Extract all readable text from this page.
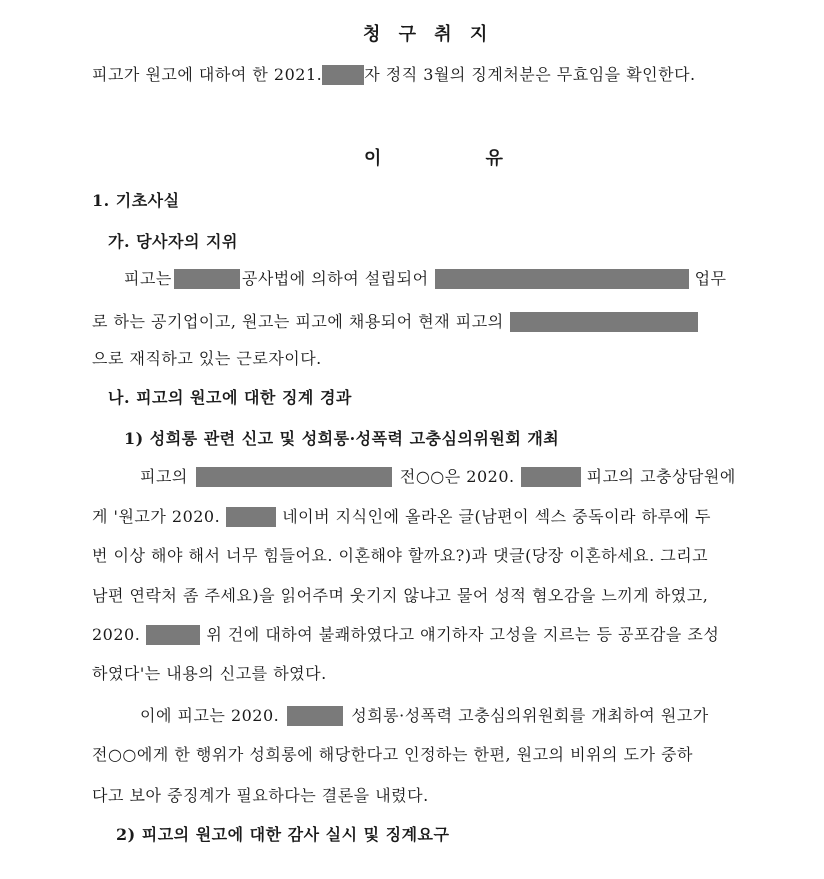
청 구 취 지
피고가 원고에 대하여 한 2021.	자 정직 3월의 징계처분은 무효임을 확인한다.
이        유
1. 기초사실
가. 당사자의 지위
피고는	공사법에 의하여 설립되어	업무
로 하는 공기업이고, 원고는 피고에 채용되어 현재 피고의
으로 재직하고 있는 근로자이다.
나. 피고의 원고에 대한 징계 경과
1) 성희롱 관련 신고 및 성희롱·성폭력 고충심의위원회 개최
피고의	전○○은 2020.	피고의 고충상담원에
게 '원고가 2020.	네이버 지식인에 올라온 글(남편이 섹스 중독이라 하루에 두
번 이상 해야 해서 너무 힘들어요. 이혼해야 할까요?)과 댓글(당장 이혼하세요. 그리고
남편 연락처 좀 주세요)을 읽어주며 웃기지 않냐고 물어 성적 혐오감을 느끼게 하였고,
2020.	위 건에 대하여 불쾌하였다고 얘기하자 고성을 지르는 등 공포감을 조성
하였다'는 내용의 신고를 하였다.
이에 피고는 2020.	성희롱·성폭력 고충심의위원회를 개최하여 원고가
전○○에게 한 행위가 성희롱에 해당한다고 인정하는 한편, 원고의 비위의 도가 중하
다고 보아 중징계가 필요하다는 결론을 내렸다.
2) 피고의 원고에 대한 감사 실시 및 징계요구
